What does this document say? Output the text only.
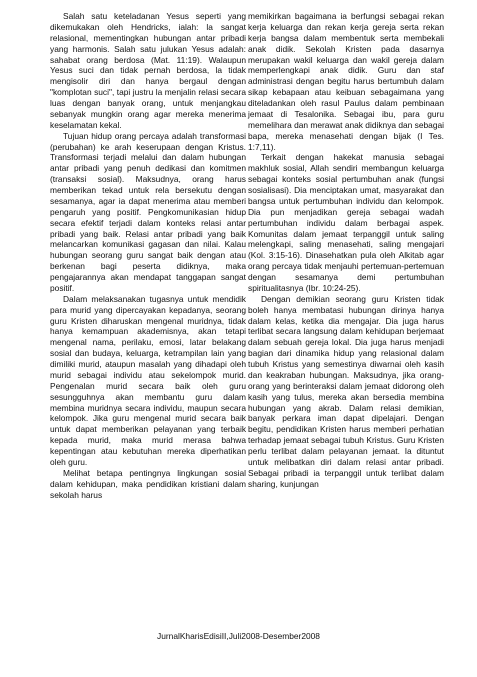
Salah satu keteladanan Yesus seperti yang dikemukakan oleh Hendricks, ialah: la sangat relasional, mementingkan hubungan antar pribadi yang harmonis. Salah satu julukan Yesus adalah: sahabat orang berdosa (Mat. 11:19). Walaupun Yesus suci dan tidak pernah berdosa, la tidak mengisolir diri dan hanya bergaul dengan "komplotan suci", tapi justru la menjalin relasi secara luas dengan banyak orang, untuk menjangkau sebanyak mungkin orang agar mereka menerima keselamatan kekal.

Tujuan hidup orang percaya adalah transformasi (perubahan) ke arah keserupaan dengan Kristus. Transformasi terjadi melalui dan dalam hubungan antar pribadi yang penuh dedikasi dan komitmen (transaksi sosial). Maksudnya, orang harus memberikan tekad untuk rela bersekutu dengan sesamanya, agar ia dapat menerima atau memberi pengaruh yang positif. Pengkomunikasian hidup secara efektif terjadi dalam konteks relasi antar pribadi yang baik. Relasi antar pribadi yang baik melancarkan komunikasi gagasan dan nilai. Kalau hubungan seorang guru sangat baik dengan atau berkenan bagi peserta didiknya, maka pengajarannya akan mendapat tanggapan sangat positif.

Dalam melaksanakan tugasnya untuk mendidik para murid yang dipercayakan kepadanya, seorang guru Kristen diharuskan mengenal muridnya, tidak hanya kemampuan akademisnya, akan tetapi mengenal nama, perilaku, emosi, latar belakang sosial dan budaya, keluarga, ketrampilan lain yang dimiliki murid, ataupun masalah yang dihadapi oleh murid sebagai individu atau sekelompok murid. Pengenalan murid secara baik oleh guru sesungguhnya akan membantu guru dalam membina muridnya secara individu, maupun secara kelompok. Jika guru mengenal murid secara baik untuk dapat memberikan pelayanan yang terbaik kepada murid, maka murid merasa bahwa kepentingan atau kebutuhan mereka diperhatikan oleh guru.

Melihat betapa pentingnya lingkungan sosial dalam kehidupan, maka pendidikan kristiani dalam sekolah harus

memikirkan bagaimana ia berfungsi sebagai rekan kerja keluarga dan rekan kerja gereja serta rekan kerja bangsa dalam membentuk serta membekali anak didik. Sekolah Kristen pada dasarnya merupakan wakil keluarga dan wakil gereja dalam memperlengkapi anak didik. Guru dan staf administrasi dengan begitu harus bertumbuh dalam sikap kebapaan atau keibuan sebagaimana yang diteladankan oleh rasul Paulus dalam pembinaan jemaat di Tesalonika. Sebagai ibu, para guru memelihara dan merawat anak didiknya dan sebagai bapa, mereka menasehati dengan bijak (I Tes. 1:7,11).

Terkait dengan hakekat manusia sebagai makhluk sosial, Allah sendiri membangun keluarga sebagai konteks sosial pertumbuhan anak (fungsi sosialisasi). Dia menciptakan umat, masyarakat dan bangsa untuk pertumbuhan individu dan kelompok. Dia pun menjadikan gereja sebagai wadah pertumbuhan individu dalam berbagai aspek. Komunitas dalam jemaat terpanggil untuk saling melengkapi, saling menasehati, saling mengajari (Kol. 3:15-16). Dinasehatkan pula oleh Alkitab agar orang percaya tidak menjauhi pertemuan-pertemuan dengan sesamanya demi pertumbuhan spiritualitasnya (Ibr. 10:24-25).

Dengan demikian seorang guru Kristen tidak boleh hanya membatasi hubungan dirinya hanya dalam kelas, ketika dia mengajar. Dia juga harus terlibat secara langsung dalam kehidupan berjemaat dalam sebuah gereja lokal. Dia juga harus menjadi bagian dari dinamika hidup yang relasional dalam tubuh Kristus yang semestinya diwarnai oleh kasih dan keakraban hubungan. Maksudnya, jika orang-orang yang berinteraksi dalam jemaat didorong oleh kasih yang tulus, mereka akan bersedia membina hubungan yang akrab. Dalam relasi demikian, banyak perkara iman dapat dipelajari. Dengan begitu, pendidikan Kristen harus memberi perhatian terhadap jemaat sebagai tubuh Kristus. Guru Kristen perlu terlibat dalam pelayanan jemaat. Ia dituntut untuk melibatkan diri dalam relasi antar pribadi. Sebagai pribadi ia terpanggil untuk terlibat dalam sharing, kunjungan

JurnalKharisEdisiII,Juli2008-Desember2008
